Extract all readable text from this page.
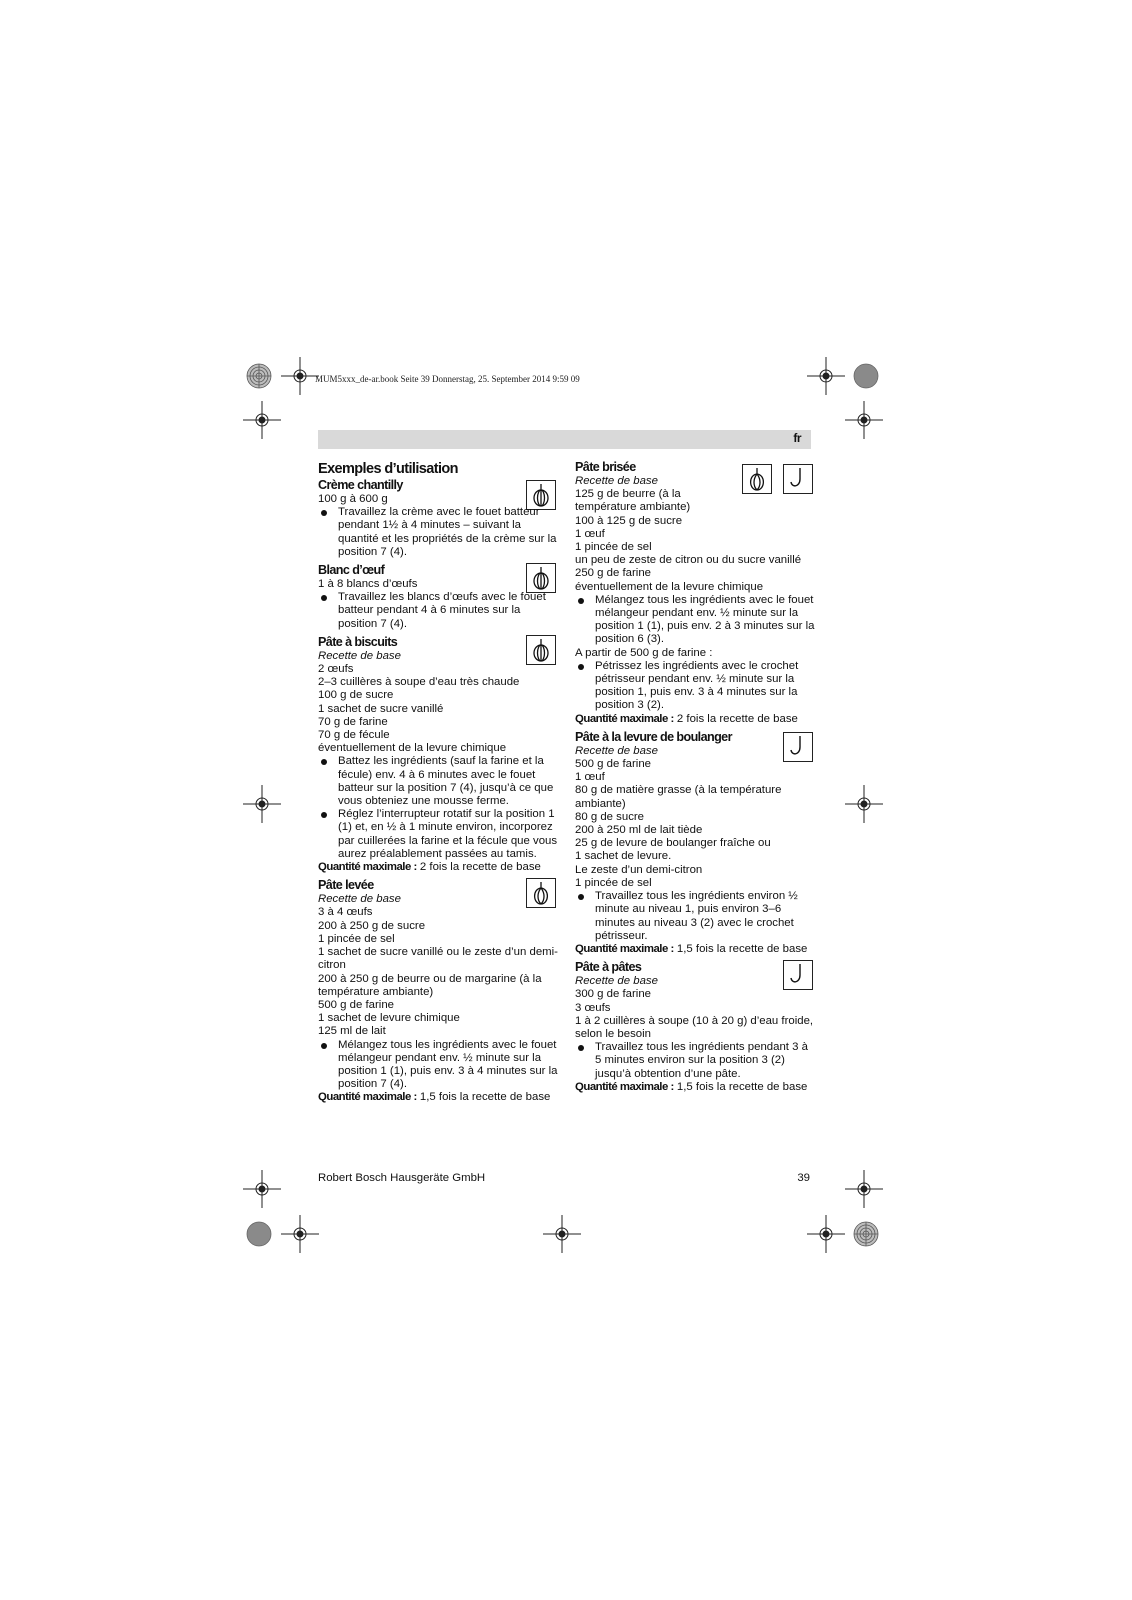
MUM5xxx_de-ar.book Seite 39 Donnerstag, 25. September 2014 9:59 09
fr
Exemples d’utilisation
Crème chantilly

100 g à 600 g

Travaillez la crème avec le fouet batteur pendant 1½ à 4 minutes – suivant la quantité et les propriétés de la crème sur la position 7 (4).
Blanc d’œuf

1 à 8 blancs d’œufs

Travaillez les blancs d’œufs avec le fouet batteur pendant 4 à 6 minutes sur la position 7 (4).
Pâte à biscuits

Recette de base

2 œufs

2–3 cuillères à soupe d’eau très chaude

100 g de sucre

1 sachet de sucre vanillé

70 g de farine

70 g de fécule

éventuellement de la levure chimique

Battez les ingrédients (sauf la farine et la fécule) env. 4 à 6 minutes avec le fouet batteur sur la position 7 (4), jusqu’à ce que vous obteniez une mousse ferme.
Réglez l’interrupteur rotatif sur la position 1 (1) et, en ½ à 1 minute environ, incorporez par cuillerées la farine et la fécule que vous aurez préalablement passées au tamis.

Quantité maximale : 2 fois la recette de base

Pâte levée

Recette de base

3 à 4 œufs

200 à 250 g de sucre

1 pincée de sel

1 sachet de sucre vanillé ou le zeste d’un demi-citron

200 à 250 g de beurre ou de margarine (à la température ambiante)

500 g de farine

1 sachet de levure chimique

125 ml de lait

Mélangez tous les ingrédients avec le fouet mélangeur pendant env. ½ minute sur la position 1 (1), puis env. 3 à 4 minutes sur la position 7 (4).

Quantité maximale : 1,5 fois la recette de base

Pâte brisée

Recette de base

125 g de beurre (à la température ambiante)

100 à 125 g de sucre

1 œuf

1 pincée de sel

un peu de zeste de citron ou du sucre vanillé

250 g de farine

éventuellement de la levure chimique

Mélangez tous les ingrédients avec le fouet mélangeur pendant env. ½ minute sur la position 1 (1), puis env. 2 à 3 minutes sur la position 6 (3).

A partir de 500 g de farine :

Pétrissez les ingrédients avec le crochet pétrisseur pendant env. ½ minute sur la position 1, puis env. 3 à 4 minutes sur la position 3 (2).

Quantité maximale : 2 fois la recette de base

Pâte à la levure de boulanger

Recette de base

500 g de farine

1 œuf

80 g de matière grasse (à la température ambiante)

80 g de sucre

200 à 250 ml de lait tiède

25 g de levure de boulanger fraîche ou

1 sachet de levure.

Le zeste d’un demi-citron

1 pincée de sel

Travaillez tous les ingrédients environ ½ minute au niveau 1, puis environ 3–6 minutes au niveau 3 (2) avec le crochet pétrisseur.

Quantité maximale : 1,5 fois la recette de base

Pâte à pâtes

Recette de base

300 g de farine

3 œufs

1 à 2 cuillères à soupe (10 à 20 g) d’eau froide, selon le besoin

Travaillez tous les ingrédients pendant 3 à 5 minutes environ sur la position 3 (2) jusqu’à obtention d’une pâte.

Quantité maximale : 1,5 fois la recette de base

Robert Bosch Hausgeräte GmbH	39
